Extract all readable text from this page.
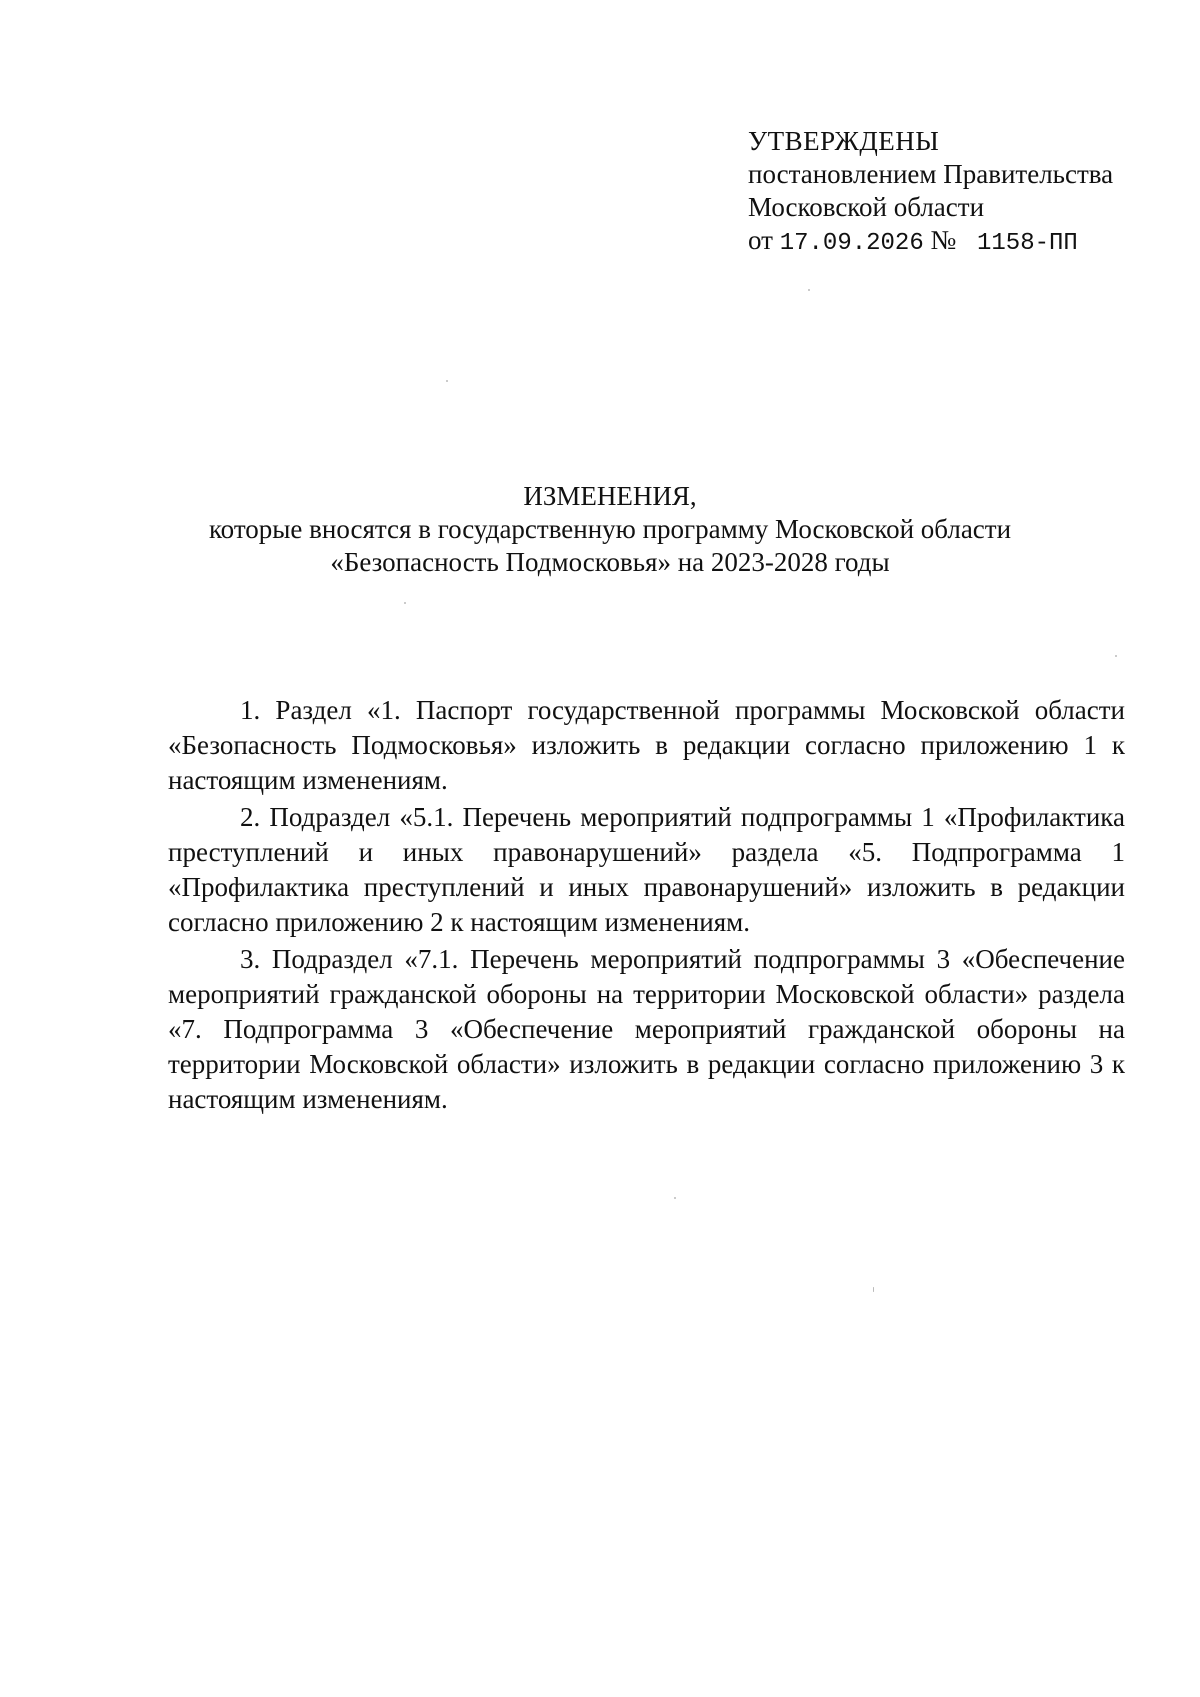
УТВЕРЖДЕНЫ
постановлением Правительства
Московской области
от 17.09.2026 № 1158-ПП
ИЗМЕНЕНИЯ,
которые вносятся в государственную программу Московской области
«Безопасность Подмосковья» на 2023-2028 годы

1. Раздел «1. Паспорт государственной программы Московской области «Безопасность Подмосковья» изложить в редакции согласно приложению 1 к настоящим изменениям.

2. Подраздел «5.1. Перечень мероприятий подпрограммы 1 «Профилактика преступлений и иных правонарушений» раздела «5. Подпрограмма 1 «Профилактика преступлений и иных правонарушений» изложить в редакции согласно приложению 2 к настоящим изменениям.

3. Подраздел «7.1. Перечень мероприятий подпрограммы 3 «Обеспечение мероприятий гражданской обороны на территории Московской области» раздела «7. Подпрограмма 3 «Обеспечение мероприятий гражданской обороны на территории Московской области» изложить в редакции согласно приложению 3 к настоящим изменениям.
